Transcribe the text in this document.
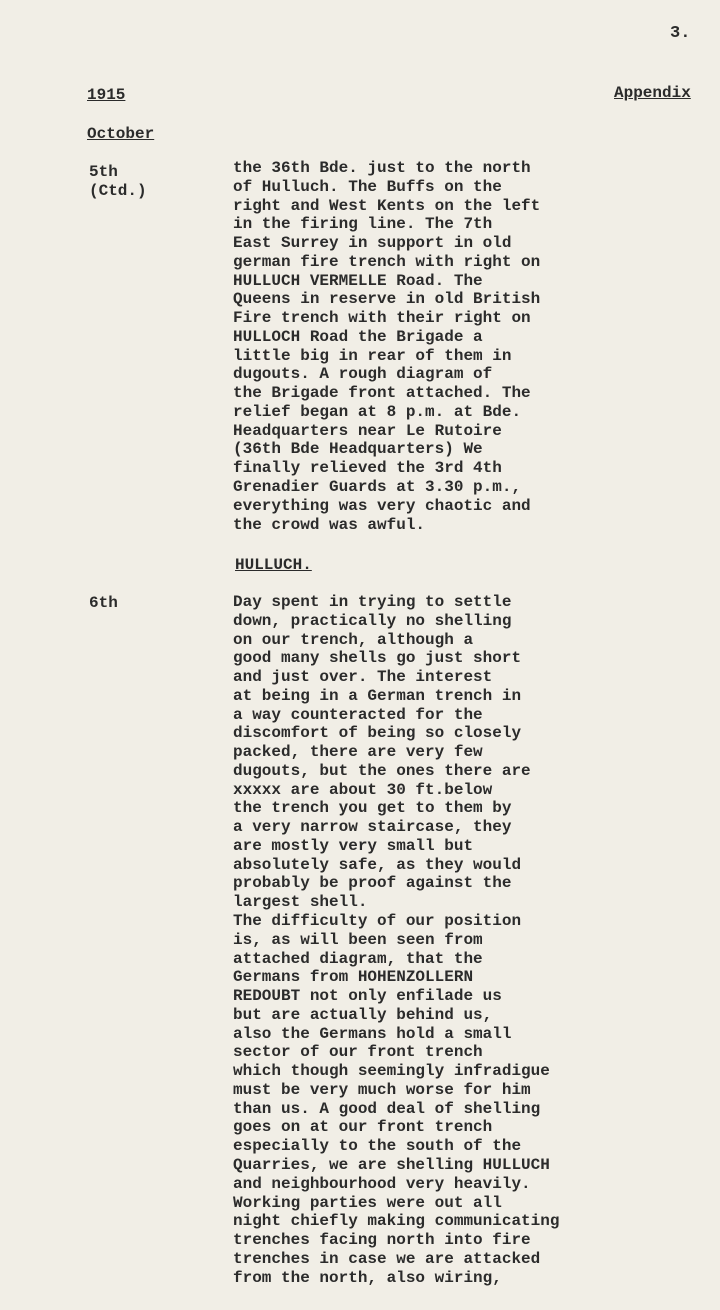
3.
1915	Appendix
October
5th
(Ctd.)
the 36th Bde. just to the north
of Hulluch. The Buffs on the
right and West Kents on the left
in the firing line. The 7th
East Surrey in support in old
german fire trench with right on
HULLUCH VERMELLE Road. The
Queens in reserve in old British
Fire trench with their right on
HULLOCH Road the Brigade a
little big in rear of them in
dugouts. A rough diagram of
the Brigade front attached. The
relief began at 8 p.m. at Bde.
Headquarters near Le Rutoire
(36th Bde Headquarters) We
finally relieved the 3rd 4th
Grenadier Guards at 3.30 p.m.,
everything was very chaotic and
the crowd was awful.
HULLUCH.
6th	Day spent in trying to settle
down, practically no shelling
on our trench, although a
good many shells go just short
and just over. The interest
at being in a German trench in
a way counteracted for the
discomfort of being so closely
packed, there are very few
dugouts, but the ones there are
xxxxx are about 30 ft.below
the trench you get to them by
a very narrow staircase, they
are mostly very small but
absolutely safe, as they would
probably be proof against the
largest shell.
The difficulty of our position
is, as will been seen from
attached diagram, that the
Germans from HOHENZOLLERN
REDOUBT not only enfilade us
but are actually behind us,
also the Germans hold a small
sector of our front trench
which though seemingly infradigue
must be very much worse for him
than us. A good deal of shelling
goes on at our front trench
especially to the south of the
Quarries, we are shelling HULLUCH
and neighbourhood very heavily.
Working parties were out all
night chiefly making communicating
trenches facing north into fire
trenches in case we are attacked
from the north, also wiring,
